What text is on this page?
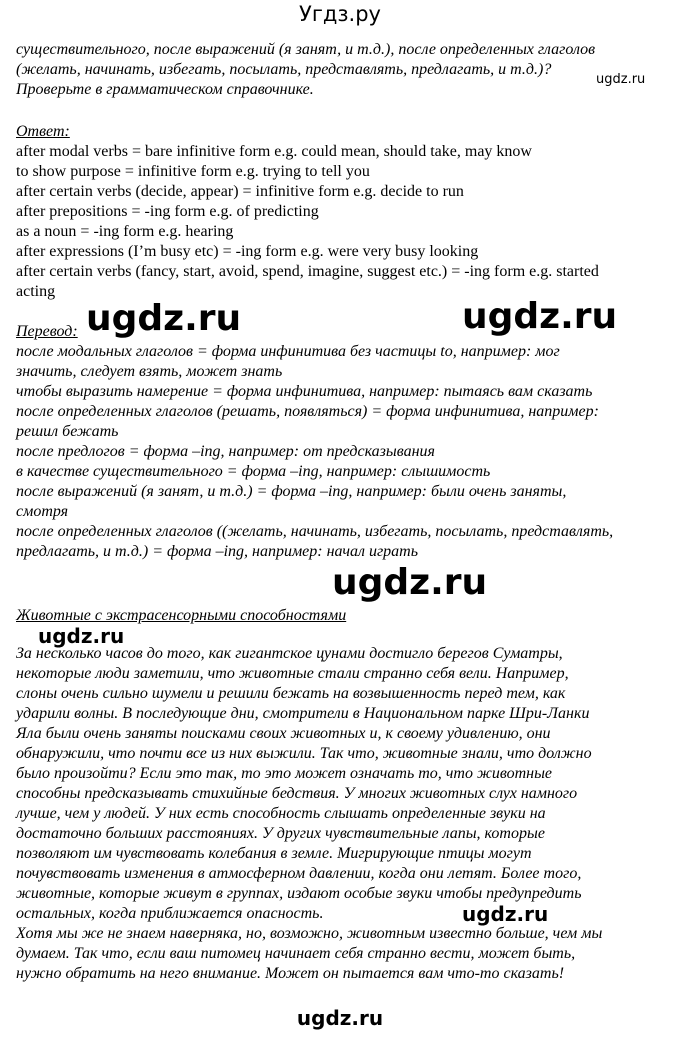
Угдз.ру
существительного, после выражений (я занят, и т.д.), после определенных глаголов
(желать, начинать, избегать, посылать, представлять, предлагать, и т.д.)?
Проверьте в грамматическом справочнике.
ugdz.ru
Ответ:
after modal verbs = bare infinitive form e.g. could mean, should take, may know
to show purpose = infinitive form e.g. trying to tell you
after certain verbs (decide, appear) = infinitive form e.g. decide to run
after prepositions = -ing form e.g. of predicting
as a noun = -ing form e.g. hearing
after expressions (I’m busy etc) = -ing form e.g. were very busy looking
after certain verbs (fancy, start, avoid, spend, imagine, suggest etc.) = -ing form e.g. started
acting
ugdz.ru	ugdz.ru
Перевод:
после модальных глаголов = форма инфинитива без частицы to, например: мог
значить, следует взять, может знать
чтобы выразить намерение = форма инфинитива, например: пытаясь вам сказать
после определенных глаголов (решать, появляться) = форма инфинитива, например:
решил бежать
после предлогов = форма –ing, например: от предсказывания
в качестве существительного = форма –ing, например: слышимость
после выражений (я занят, и т.д.) = форма –ing, например: были очень заняты,
смотря
после определенных глаголов ((желать, начинать, избегать, посылать, представлять,
предлагать, и т.д.) = форма –ing, например: начал играть
ugdz.ru
Животные с экстрасенсорными способностями
ugdz.ru
За несколько часов до того, как гигантское цунами достигло берегов Суматры,
некоторые люди заметили, что животные стали странно себя вели. Например,
слоны очень сильно шумели и решили бежать на возвышенность перед тем, как
ударили волны. В последующие дни, смотрители в Национальном парке Шри-Ланки
Яла были очень заняты поисками своих животных и, к своему удивлению, они
обнаружили, что почти все из них выжили. Так что, животные знали, что должно
было произойти? Если это так, то это может означать то, что животные
способны предсказывать стихийные бедствия. У многих животных слух намного
лучше, чем у людей. У них есть способность слышать определенные звуки на
достаточно больших расстояниях. У других чувствительные лапы, которые
позволяют им чувствовать колебания в земле. Мигрирующие птицы могут
почувствовать изменения в атмосферном давлении, когда они летят. Более того,
животные, которые живут в группах, издают особые звуки чтобы предупредить
остальных, когда приближается опасность.	ugdz.ru
Хотя мы же не знаем наверняка, но, возможно, животным известно больше, чем мы
думаем. Так что, если ваш питомец начинает себя странно вести, может быть,
нужно обратить на него внимание. Может он пытается вам что-то сказать!
ugdz.ru
